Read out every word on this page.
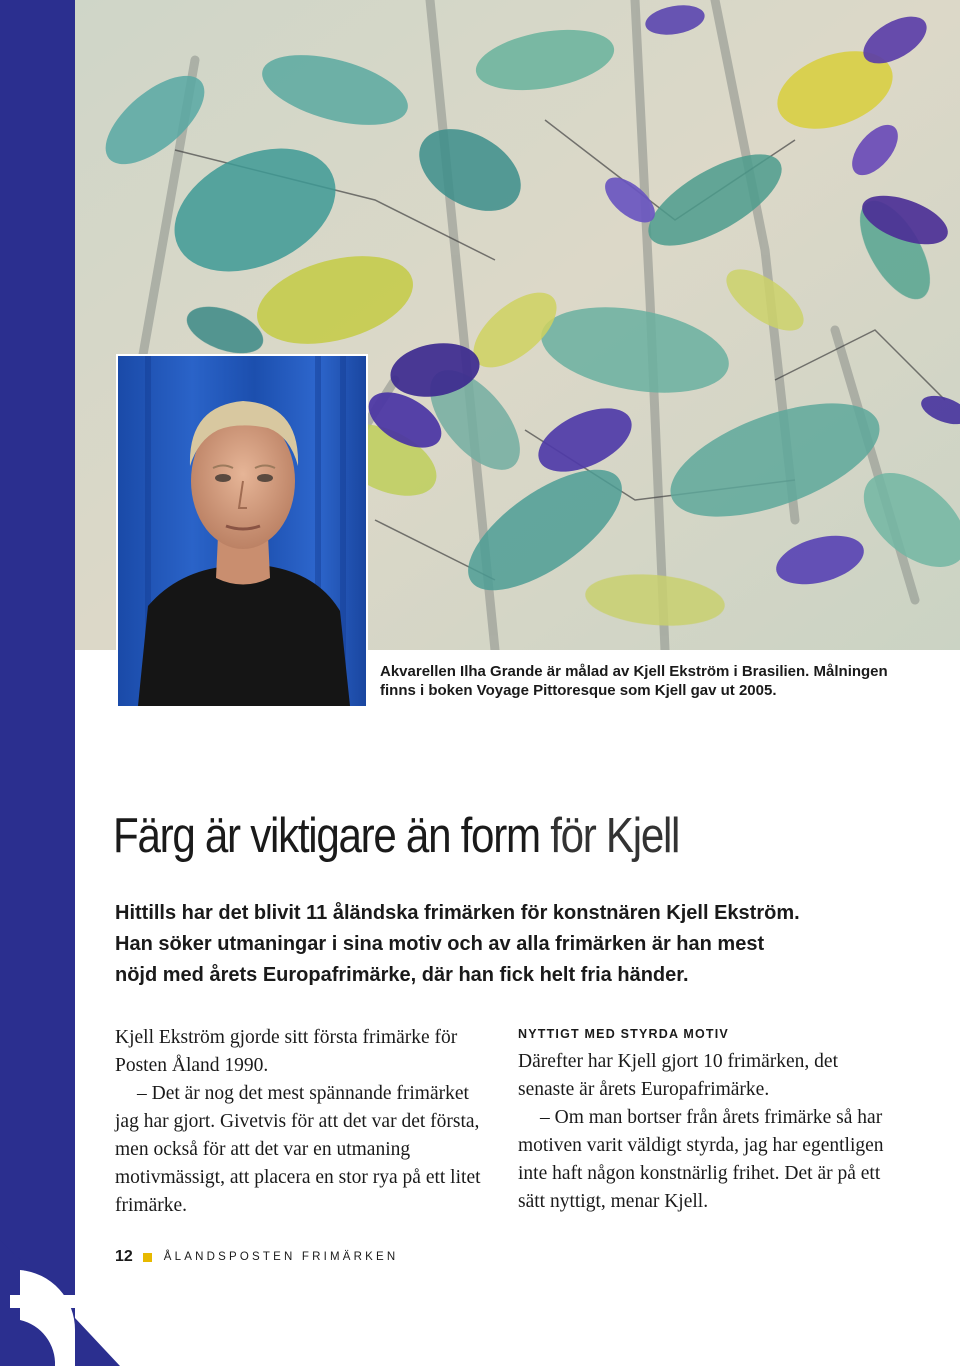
Akvarellen Ilha Grande är målad av Kjell Ekström i Brasilien. Målningen
finns i boken Voyage Pittoresque som Kjell gav ut 2005.
Färg är viktigare än form för Kjell
Hittills har det blivit 11 åländska frimärken för konstnären Kjell Ekström.
Han söker utmaningar i sina motiv och av alla frimärken är han mest
nöjd med årets Europafrimärke, där han fick helt fria händer.

Kjell Ekström gjorde sitt första frimärke för Posten Åland 1990.

– Det är nog det mest spännande frimärket jag har gjort. Givetvis för att det var det första, men också för att det var en utmaning motivmässigt, att placera en stor rya på ett litet frimärke.

NYTTIGT MED STYRDA MOTIV

Därefter har Kjell gjort 10 frimärken, det senaste är årets Europafrimärke.

– Om man bortser från årets frimärke så har motiven varit väldigt styrda, jag har egentligen inte haft någon konstnärlig frihet. Det är på ett sätt nyttigt, menar Kjell.

12	ÅLANDSPOSTEN FRIMÄRKEN
